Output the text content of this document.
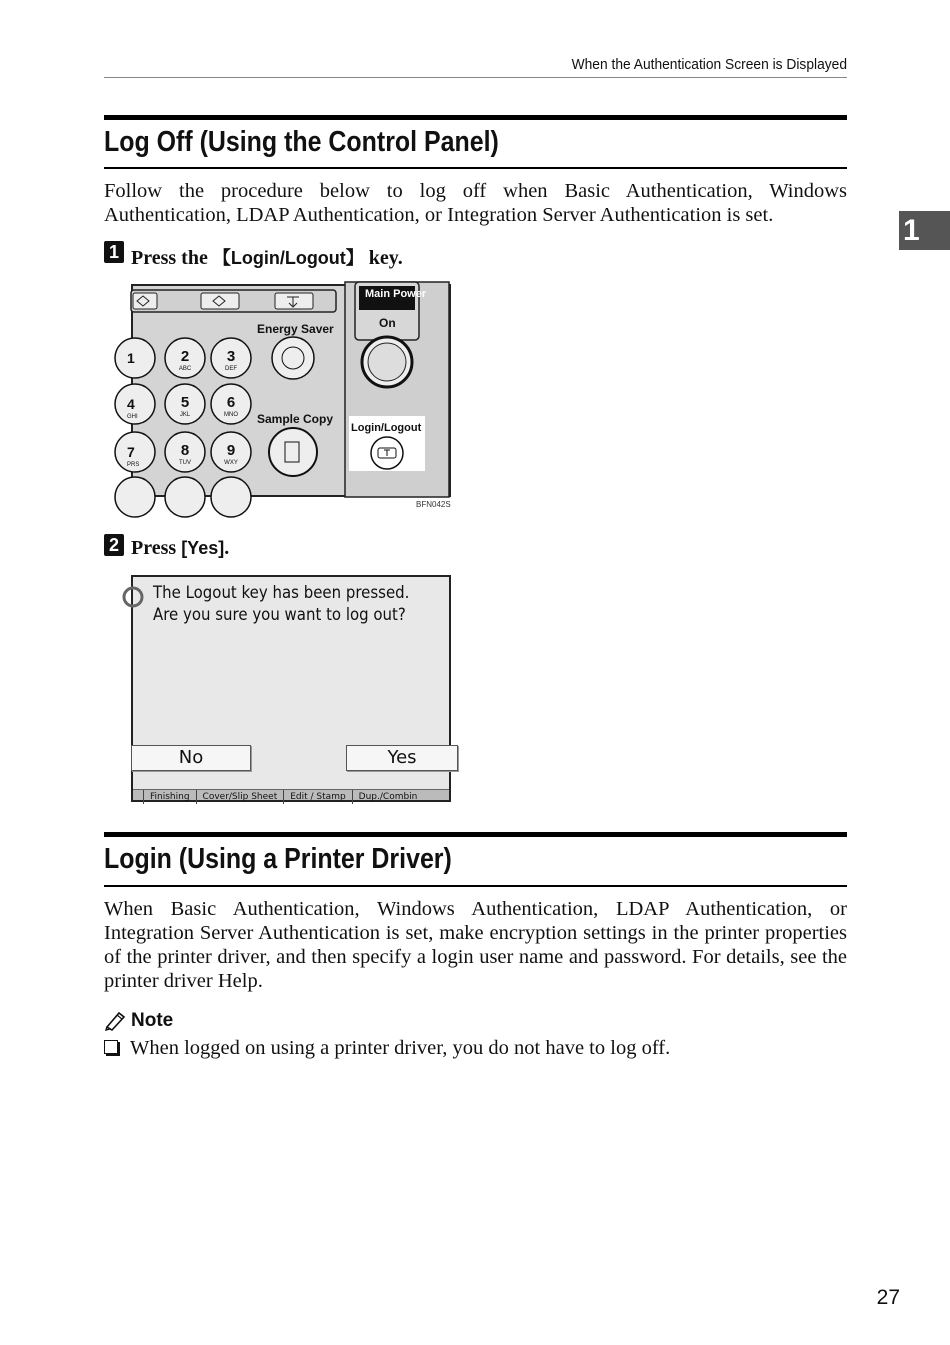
When the Authentication Screen is Displayed
1
Log Off (Using the Control Panel)
Follow the procedure below to log off when Basic Authentication, Windows Authentication, LDAP Authentication, or Integration Server Authentication is set.
1 Press the 【Login/Logout】 key.
2
ABC
3
DEF
5
JKL
6
MNO
8
TUV
9
WXY
Main Power
On
Energy Saver
Sample Copy
Login/Logout
1
4
7
GHI
PRS
BFN042S
2 Press [Yes].
The Logout key has been pressed.
Are you sure you want to log out?
No	Yes
Finishing Cover/Slip Sheet Edit / Stamp Dup./Combin
Login (Using a Printer Driver)
When Basic Authentication, Windows Authentication, LDAP Authentication, or Integration Server Authentication is set, make encryption settings in the printer properties of the printer driver, and then specify a login user name and password. For details, see the printer driver Help.
Note
When logged on using a printer driver, you do not have to log off.
27
